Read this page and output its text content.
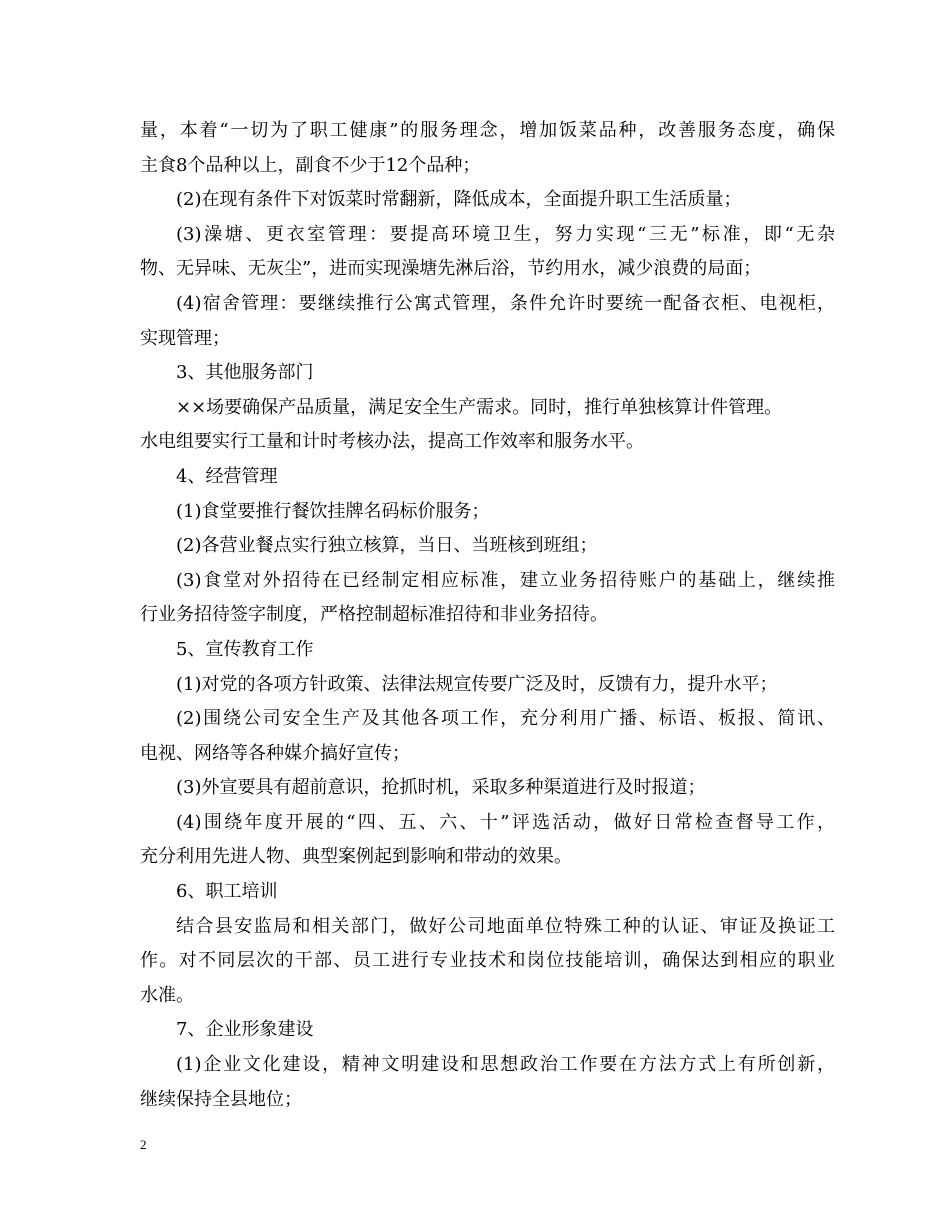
量，本着“一切为了职工健康”的服务理念，增加饭菜品种，改善服务态度，确保
主食8个品种以上，副食不少于12个品种；
(2)在现有条件下对饭菜时常翻新，降低成本，全面提升职工生活质量；
(3)澡塘、更衣室管理：要提高环境卫生，努力实现“三无”标准，即“无杂
物、无异味、无灰尘”，进而实现澡塘先淋后浴，节约用水，减少浪费的局面；
(4)宿舍管理：要继续推行公寓式管理，条件允许时要统一配备衣柜、电视柜，
实现管理；
3、其他服务部门
××场要确保产品质量，满足安全生产需求。同时，推行单独核算计件管理。
水电组要实行工量和计时考核办法，提高工作效率和服务水平。
4、经营管理
(1)食堂要推行餐饮挂牌名码标价服务；
(2)各营业餐点实行独立核算，当日、当班核到班组；
(3)食堂对外招待在已经制定相应标准，建立业务招待账户的基础上，继续推
行业务招待签字制度，严格控制超标准招待和非业务招待。
5、宣传教育工作
(1)对党的各项方针政策、法律法规宣传要广泛及时，反馈有力，提升水平；
(2)围绕公司安全生产及其他各项工作，充分利用广播、标语、板报、简讯、
电视、网络等各种媒介搞好宣传；
(3)外宣要具有超前意识，抢抓时机，采取多种渠道进行及时报道；
(4)围绕年度开展的“四、五、六、十”评选活动，做好日常检查督导工作，
充分利用先进人物、典型案例起到影响和带动的效果。
6、职工培训
结合县安监局和相关部门，做好公司地面单位特殊工种的认证、审证及换证工
作。对不同层次的干部、员工进行专业技术和岗位技能培训，确保达到相应的职业
水准。
7、企业形象建设
(1)企业文化建设，精神文明建设和思想政治工作要在方法方式上有所创新，
继续保持全县地位；
2
